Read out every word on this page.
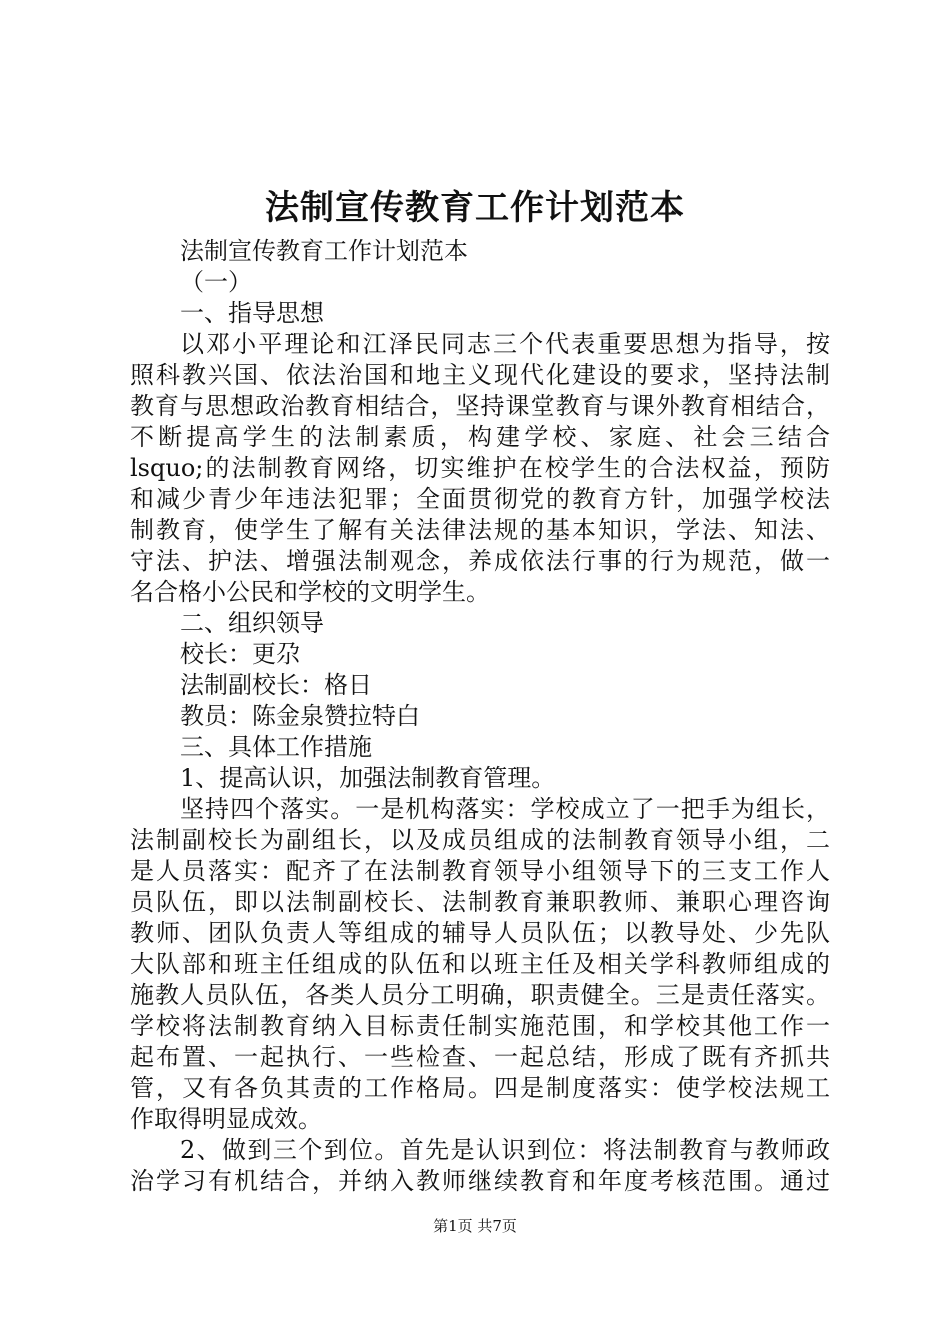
法制宣传教育工作计划范本
法制宣传教育工作计划范本
（一）
一、指导思想
以邓小平理论和江泽民同志三个代表重要思想为指导，按
照科教兴国、依法治国和地主义现代化建设的要求，坚持法制
教育与思想政治教育相结合，坚持课堂教育与课外教育相结合，
不断提高学生的法制素质，构建学校、家庭、社会三结合
lsquo;的法制教育网络，切实维护在校学生的合法权益，预防
和减少青少年违法犯罪；全面贯彻党的教育方针，加强学校法
制教育，使学生了解有关法律法规的基本知识，学法、知法、
守法、护法、增强法制观念，养成依法行事的行为规范，做一
名合格小公民和学校的文明学生。
二、组织领导
校长：更尕
法制副校长：格日
教员：陈金泉赞拉特白
三、具体工作措施
1、提高认识，加强法制教育管理。
坚持四个落实。一是机构落实：学校成立了一把手为组长，
法制副校长为副组长，以及成员组成的法制教育领导小组，二
是人员落实：配齐了在法制教育领导小组领导下的三支工作人
员队伍，即以法制副校长、法制教育兼职教师、兼职心理咨询
教师、团队负责人等组成的辅导人员队伍；以教导处、少先队
大队部和班主任组成的队伍和以班主任及相关学科教师组成的
施教人员队伍，各类人员分工明确，职责健全。三是责任落实。
学校将法制教育纳入目标责任制实施范围，和学校其他工作一
起布置、一起执行、一些检查、一起总结，形成了既有齐抓共
管，又有各负其责的工作格局。四是制度落实：使学校法规工
作取得明显成效。
2、做到三个到位。首先是认识到位：将法制教育与教师政
治学习有机结合，并纳入教师继续教育和年度考核范围。通过
第1页 共7页
